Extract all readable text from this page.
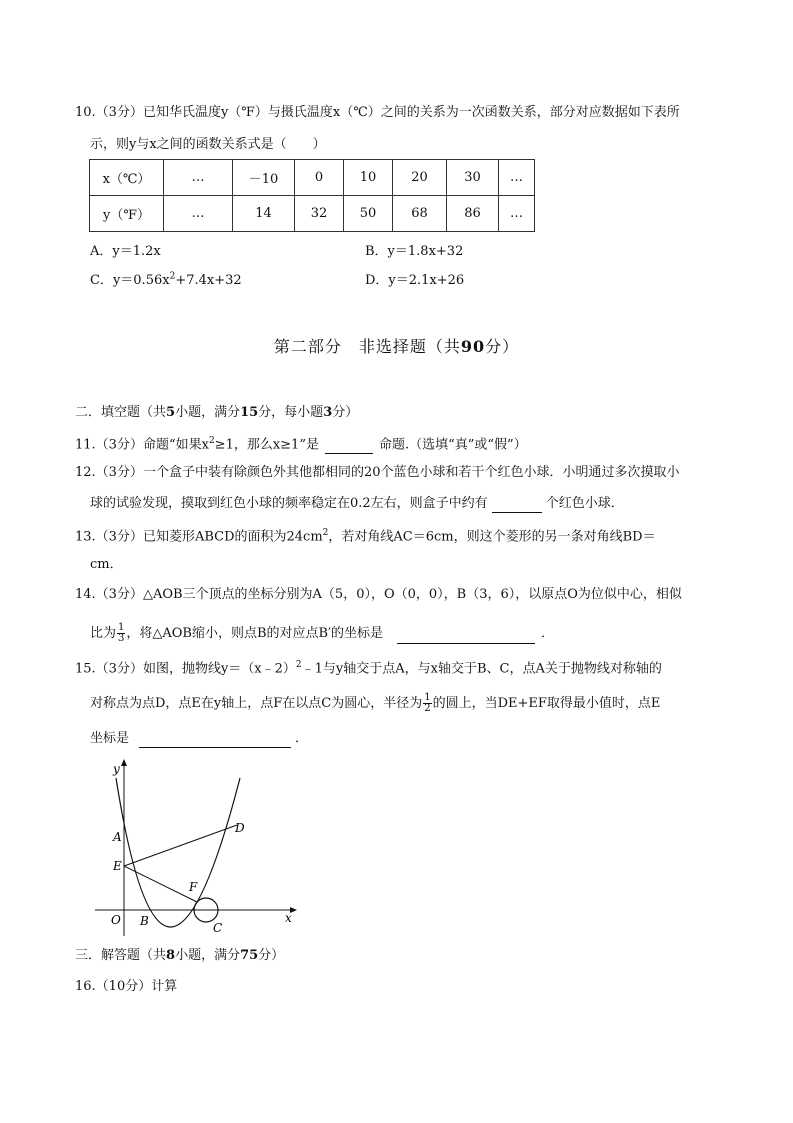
10.（3分）已知华氏温度y（℉）与摄氏温度x（℃）之间的关系为一次函数关系，部分对应数据如下表所
示，则y与x之间的函数关系式是（　　）
x（℃）	…	－10	0	10	20	30	…
y（℉）	…	14	32	50	68	86	…
A．y＝1.2x	B．y＝1.8x+32
C．$y=0.56x^2+7.4x+32$	D．y＝2.1x+26
第二部分　非选择题（共90分）
二．填空题（共5小题，满分15分，每小题3分）
11.（3分）命题“如果$x^2\ge 1$，那么x≥1”是	命题.（选填“真”或“假”）
12.（3分）一个盒子中装有除颜色外其他都相同的20个蓝色小球和若干个红色小球．小明通过多次摸取小
球的试验发现，摸取到红色小球的频率稳定在0.2左右，则盒子中约有	个红色小球．
13.（3分）已知菱形ABCD的面积为$24cm^2$，若对角线AC＝6cm，则这个菱形的另一条对角线BD＝
cm．
14.（3分）△AOB三个顶点的坐标分别为A（5，0），O（0，0），B（3，6），以原点O为位似中心，相似
比为 $\frac{1}{3}$ ，将△AOB缩小，则点B的对应点B′的坐标是	．
15.（3分）如图，抛物线y＝（x﹣2）$^2$﹣1与y轴交于点A，与x轴交于B、C，点A关于抛物线对称轴的
对称点为点D，点E在y轴上，点F在以点C为圆心，半径为 $\frac{1}{2}$ 的圆上，当DE+EF取得最小值时，点E
坐标是	．
y
x
O
A
E
B	C
D
F
三．解答题（共8小题，满分75分）
16.（10分）计算
